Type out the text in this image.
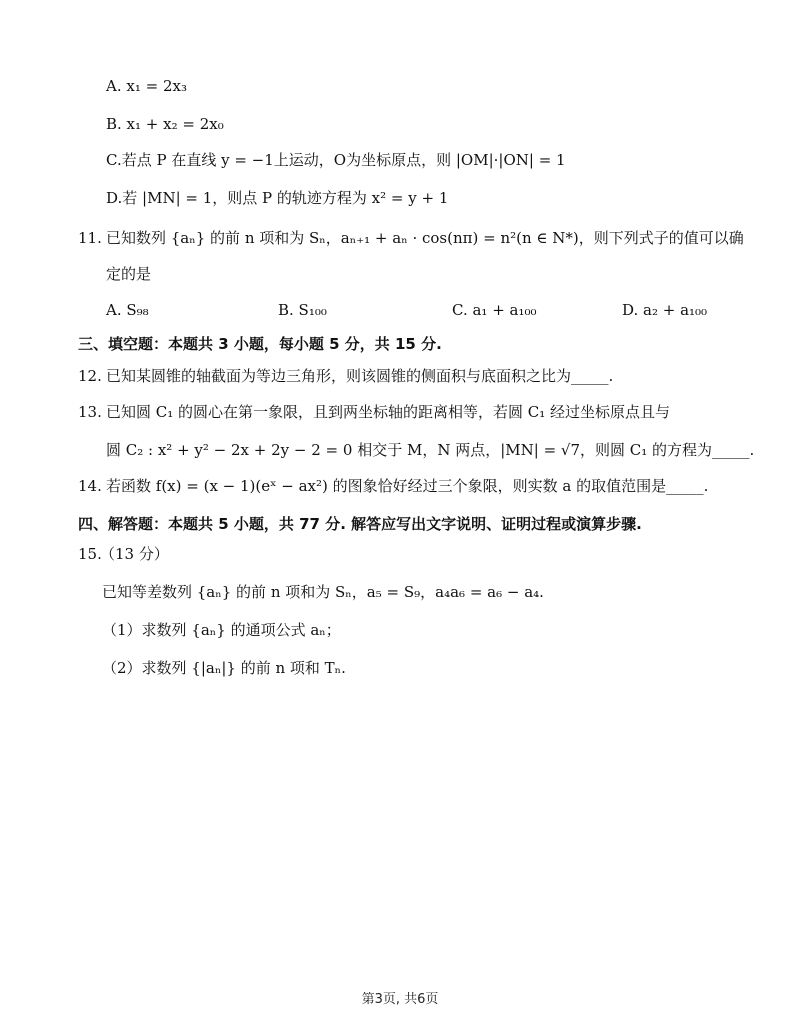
A. x₁ = 2x₃
B. x₁ + x₂ = 2x₀
C.若点 P 在直线 y = −1上运动，O为坐标原点，则 |OM|·|ON| = 1
D.若 |MN| = 1，则点 P 的轨迹方程为 x² = y + 1
11. 已知数列 {aₙ} 的前 n 项和为 Sₙ，aₙ₊₁ + aₙ · cos(nπ) = n²(n ∈ N*)，则下列式子的值可以确
定的是
A. S₉₈	B. S₁₀₀	C. a₁ + a₁₀₀	D. a₂ + a₁₀₀
三、填空题：本题共 3 小题，每小题 5 分，共 15 分.
12. 已知某圆锥的轴截面为等边三角形，则该圆锥的侧面积与底面积之比为_____.
13. 已知圆 C₁ 的圆心在第一象限，且到两坐标轴的距离相等，若圆 C₁ 经过坐标原点且与
圆 C₂ : x² + y² − 2x + 2y − 2 = 0 相交于 M，N 两点，|MN| = √7，则圆 C₁ 的方程为_____.
14. 若函数 f(x) = (x − 1)(eˣ − ax²) 的图象恰好经过三个象限，则实数 a 的取值范围是_____.
四、解答题：本题共 5 小题，共 77 分. 解答应写出文字说明、证明过程或演算步骤.
15.
（13 分）
已知等差数列 {aₙ} 的前 n 项和为 Sₙ，a₅ = S₉，a₄a₆ = a₆ − a₄.
（1）求数列 {aₙ} 的通项公式 aₙ；
（2）求数列 {|aₙ|} 的前 n 项和 Tₙ.
第3页, 共6页
